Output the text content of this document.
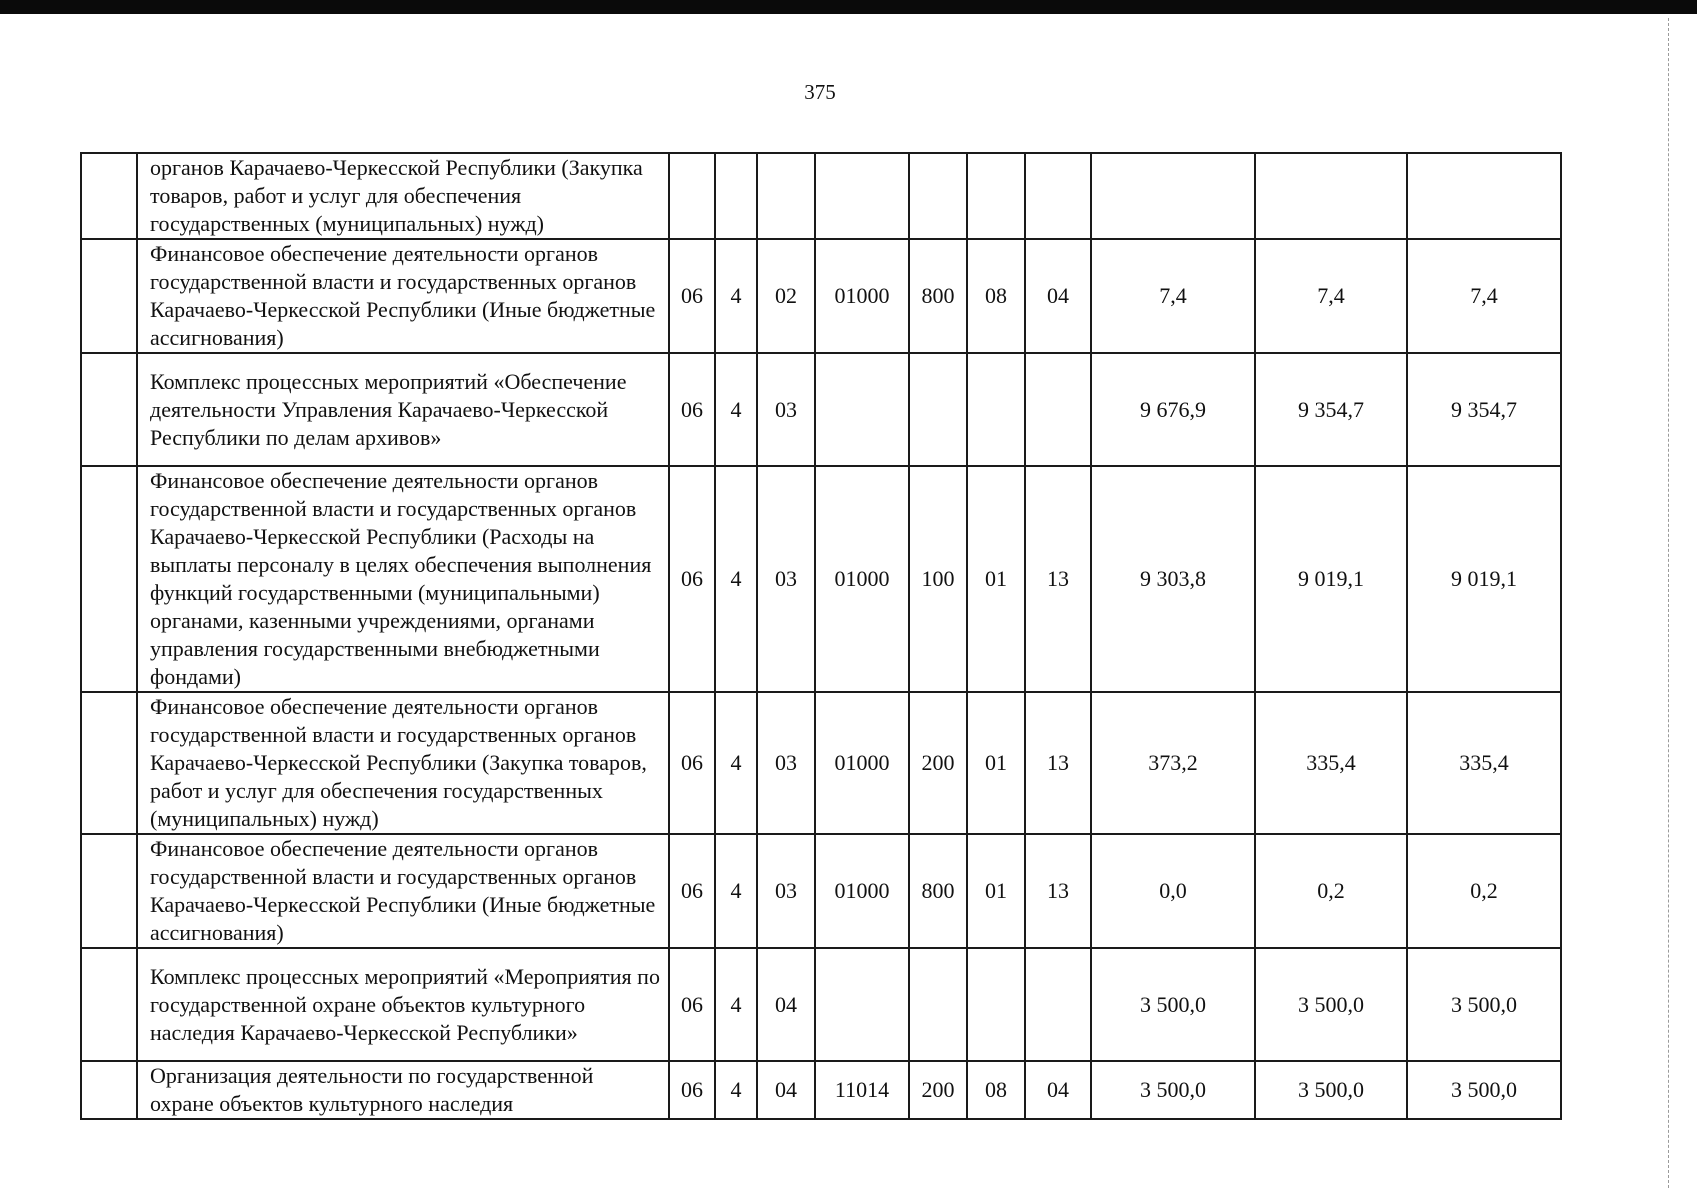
375
	органов Карачаево-Черкесской Республики (Закупка товаров, работ и услуг для обеспечения государственных (муниципальных) нужд)										
	Финансовое обеспечение деятельности органов государственной власти и государственных органов Карачаево-Черкесской Республики (Иные бюджетные ассигнования)	06	4	02	01000	800	08	04	7,4	7,4	7,4
	Комплекс процессных мероприятий «Обеспечение деятельности Управления Карачаево-Черкесской Республики по делам архивов»	06	4	03					9 676,9	9 354,7	9 354,7
	Финансовое обеспечение деятельности органов государственной власти и государственных органов Карачаево-Черкесской Республики (Расходы на выплаты персоналу в целях обеспечения выполнения функций государственными (муниципальными) органами, казенными учреждениями, органами управления государственными внебюджетными фондами)	06	4	03	01000	100	01	13	9 303,8	9 019,1	9 019,1
	Финансовое обеспечение деятельности органов государственной власти и государственных органов Карачаево-Черкесской Республики (Закупка товаров, работ и услуг для обеспечения государственных (муниципальных) нужд)	06	4	03	01000	200	01	13	373,2	335,4	335,4
	Финансовое обеспечение деятельности органов государственной власти и государственных органов Карачаево-Черкесской Республики (Иные бюджетные ассигнования)	06	4	03	01000	800	01	13	0,0	0,2	0,2
	Комплекс процессных мероприятий «Мероприятия по государственной охране объектов культурного наследия Карачаево-Черкесской Республики»	06	4	04					3 500,0	3 500,0	3 500,0
	Организация деятельности по государственной охране объектов культурного наследия	06	4	04	11014	200	08	04	3 500,0	3 500,0	3 500,0
